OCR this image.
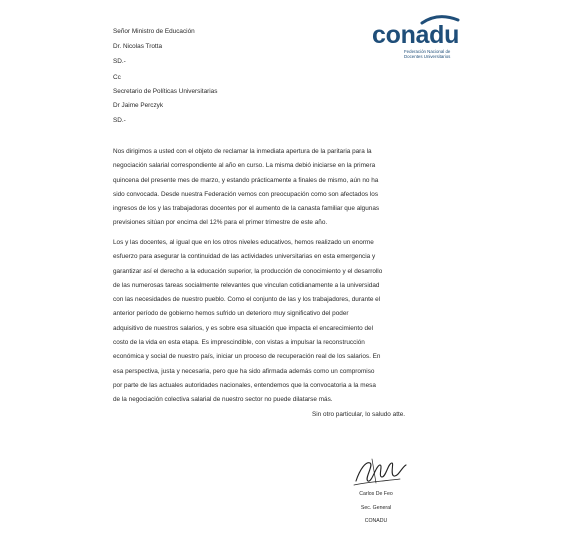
conadu
Federación Nacional de
Docentes Universitarios
Señor Ministro de Educación
Dr. Nicolas Trotta
SD.-
Cc
Secretario de Políticas Universitarias
Dr Jaime Perczyk
SD.-

Nos dirigimos a usted con el objeto de reclamar la inmediata apertura de la paritaria para la
negociación salarial correspondiente al año en curso. La misma debió iniciarse en la primera
quincena del presente mes de marzo, y estando prácticamente a finales de mismo, aún no ha
sido convocada. Desde nuestra Federación vemos con preocupación como son afectados los
ingresos de los y las trabajadoras docentes por el aumento de la canasta familiar que algunas
previsiones sitúan por encima del 12% para el primer trimestre de este año.

Los y las docentes, al igual que en los otros niveles educativos, hemos realizado un enorme
esfuerzo para asegurar la continuidad de las actividades universitarias en esta emergencia y
garantizar así el derecho a la educación superior, la producción de conocimiento y el desarrollo
de las numerosas tareas socialmente relevantes que vinculan cotidianamente a la universidad
con las necesidades de nuestro pueblo. Como el conjunto de las y los trabajadores, durante el
anterior período de gobierno hemos sufrido un deterioro muy significativo del poder
adquisitivo de nuestros salarios, y es sobre esa situación que impacta el encarecimiento del
costo de la vida en esta etapa. Es imprescindible, con vistas a impulsar la reconstrucción
económica y social de nuestro país, iniciar un proceso de recuperación real de los salarios. En
esa perspectiva, justa y necesaria, pero que ha sido afirmada además como un compromiso
por parte de las actuales autoridades nacionales, entendemos que la convocatoria a la mesa
de la negociación colectiva salarial de nuestro sector no puede dilatarse más.

Sin otro particular, lo saludo atte.
Carlos De Feo
Sec. General
CONADU
